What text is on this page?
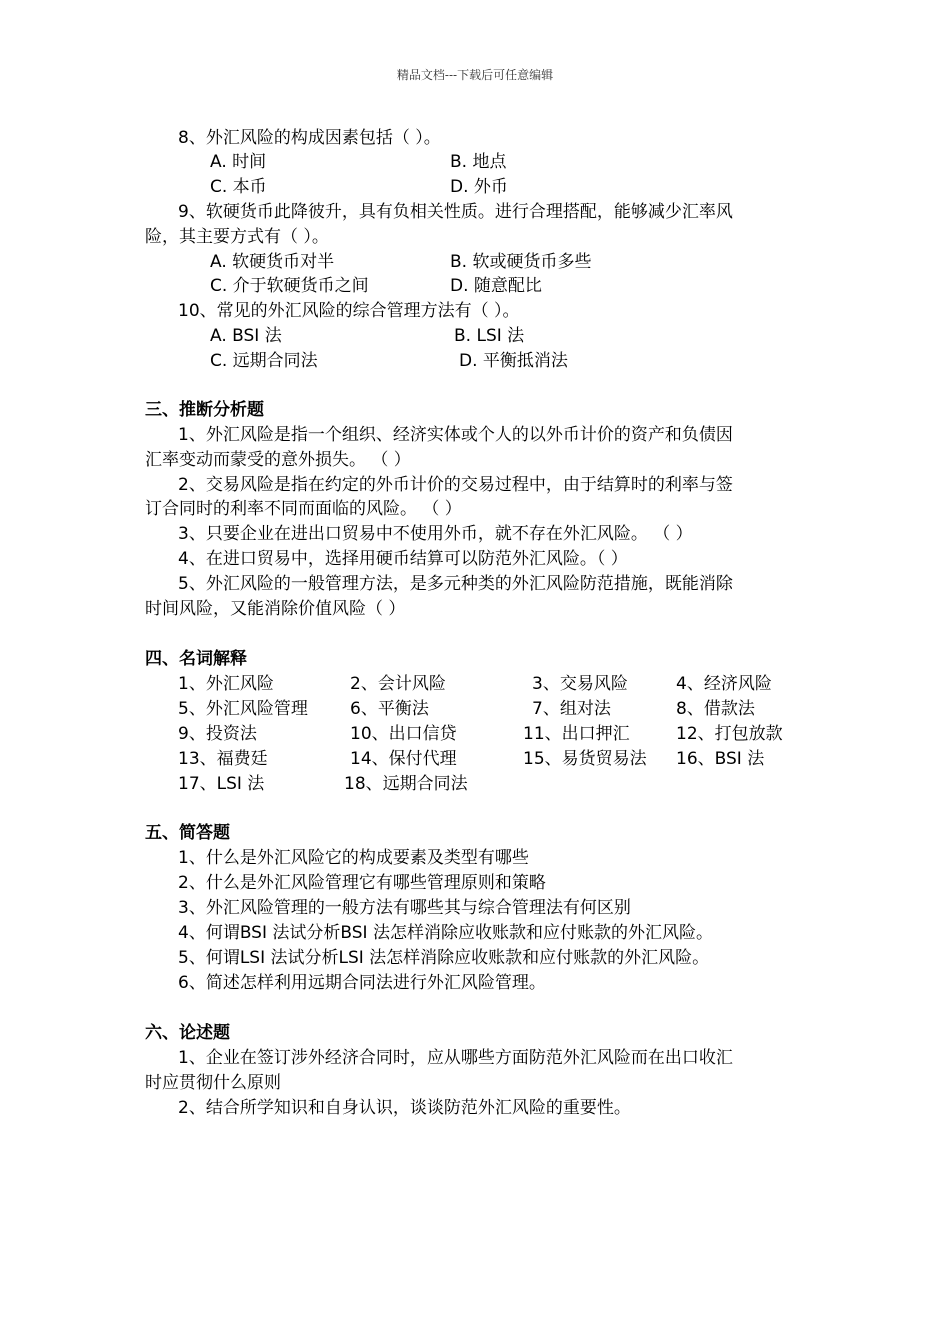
精品文档---下载后可任意编辑
8、外汇风险的构成因素包括（ ）。
A. 时间	B. 地点
C. 本币	D. 外币
9、软硬货币此降彼升，具有负相关性质。进行合理搭配，能够减少汇率风
险，其主要方式有（ ）。
A. 软硬货币对半	B. 软或硬货币多些
C. 介于软硬货币之间	D. 随意配比
10、常见的外汇风险的综合管理方法有（ ）。
A. BSI 法	B. LSI 法
C. 远期合同法	D. 平衡抵消法
三、推断分析题
1、外汇风险是指一个组织、经济实体或个人的以外币计价的资产和负债因
汇率变动而蒙受的意外损失。 （ ）
2、交易风险是指在约定的外币计价的交易过程中，由于结算时的利率与签
订合同时的利率不同而面临的风险。 （ ）
3、只要企业在进出口贸易中不使用外币，就不存在外汇风险。 （ ）
4、在进口贸易中，选择用硬币结算可以防范外汇风险。（ ）
5、外汇风险的一般管理方法，是多元种类的外汇风险防范措施，既能消除
时间风险，又能消除价值风险（ ）
四、名词解释
1、外汇风险	2、会计风险	3、交易风险	4、经济风险
5、外汇风险管理 6、平衡法	7、组对法	8、借款法
9、投资法	10、出口信贷	11、出口押汇	12、打包放款
13、福费廷	14、保付代理	15、易货贸易法 16、BSI 法
17、LSI 法	18、远期合同法
五、简答题
1、什么是外汇风险它的构成要素及类型有哪些
2、什么是外汇风险管理它有哪些管理原则和策略
3、外汇风险管理的一般方法有哪些其与综合管理法有何区别
4、何谓BSI 法试分析BSI 法怎样消除应收账款和应付账款的外汇风险。
5、何谓LSI 法试分析LSI 法怎样消除应收账款和应付账款的外汇风险。
6、简述怎样利用远期合同法进行外汇风险管理。
六、论述题
1、企业在签订涉外经济合同时，应从哪些方面防范外汇风险而在出口收汇
时应贯彻什么原则
2、结合所学知识和自身认识，谈谈防范外汇风险的重要性。
